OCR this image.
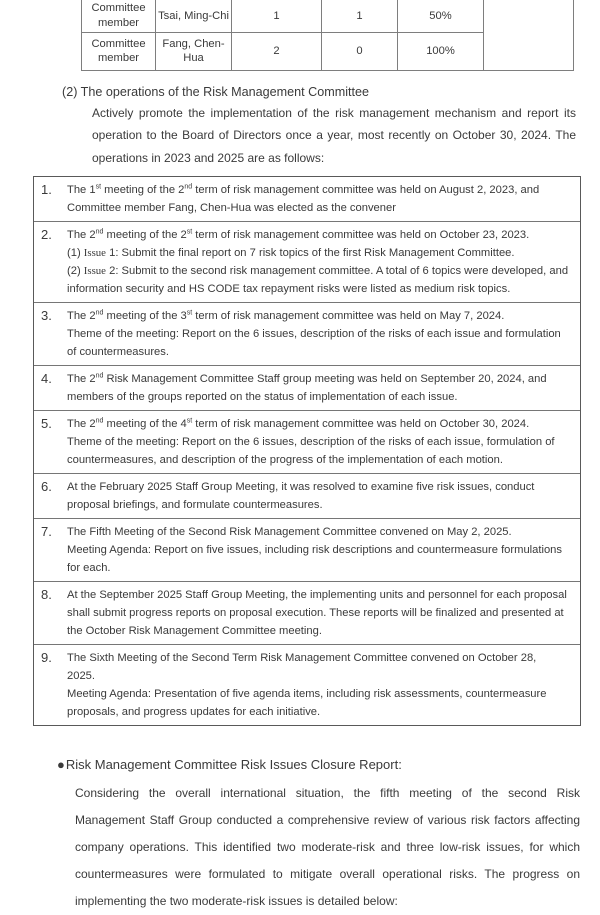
Committee member	Tsai, Ming-Chi	1	1	50%	
Committee member	Fang, Chen-Hua	2	0	100%	
(2) The operations of the Risk Management Committee

Actively promote the implementation of the risk management mechanism and report its operation to the Board of Directors once a year, most recently on October 30, 2024. The operations in 2023 and 2025 are as follows:

1.	The 1st meeting of the 2nd term of risk management committee was held on August 2, 2023, and Committee member Fang, Chen-Hua was elected as the convener

2.	The 2nd meeting of the 2st term of risk management committee was held on October 23, 2023.

(1) Issue 1: Submit the final report on 7 risk topics of the first Risk Management Committee.

(2) Issue 2: Submit to the second risk management committee. A total of 6 topics were developed, and information security and HS CODE tax repayment risks were listed as medium risk topics.

3.	The 2nd meeting of the 3st term of risk management committee was held on May 7, 2024.

Theme of the meeting: Report on the 6 issues, description of the risks of each issue and formulation of countermeasures.

4.	The 2nd Risk Management Committee Staff group meeting was held on September 20, 2024, and members of the groups reported on the status of implementation of each issue.

5.	The 2nd meeting of the 4st term of risk management committee was held on October 30, 2024.

Theme of the meeting: Report on the 6 issues, description of the risks of each issue, formulation of countermeasures, and description of the progress of the implementation of each motion.

6.	At the February 2025 Staff Group Meeting, it was resolved to examine five risk issues, conduct proposal briefings, and formulate countermeasures.

7.	The Fifth Meeting of the Second Risk Management Committee convened on May 2, 2025.

Meeting Agenda: Report on five issues, including risk descriptions and countermeasure formulations for each.

8.	At the September 2025 Staff Group Meeting, the implementing units and personnel for each proposal shall submit progress reports on proposal execution. These reports will be finalized and presented at the October Risk Management Committee meeting.

9.	The Sixth Meeting of the Second Term Risk Management Committee convened on October 28,

2025.

Meeting Agenda: Presentation of five agenda items, including risk assessments, countermeasure proposals, and progress updates for each initiative.

●Risk Management Committee Risk Issues Closure Report:

Considering the overall international situation, the fifth meeting of the second Risk Management Staff Group conducted a comprehensive review of various risk factors affecting company operations. This identified two moderate-risk and three low-risk issues, for which countermeasures were formulated to mitigate overall operational risks. The progress on implementing the two moderate-risk issues is detailed below:
